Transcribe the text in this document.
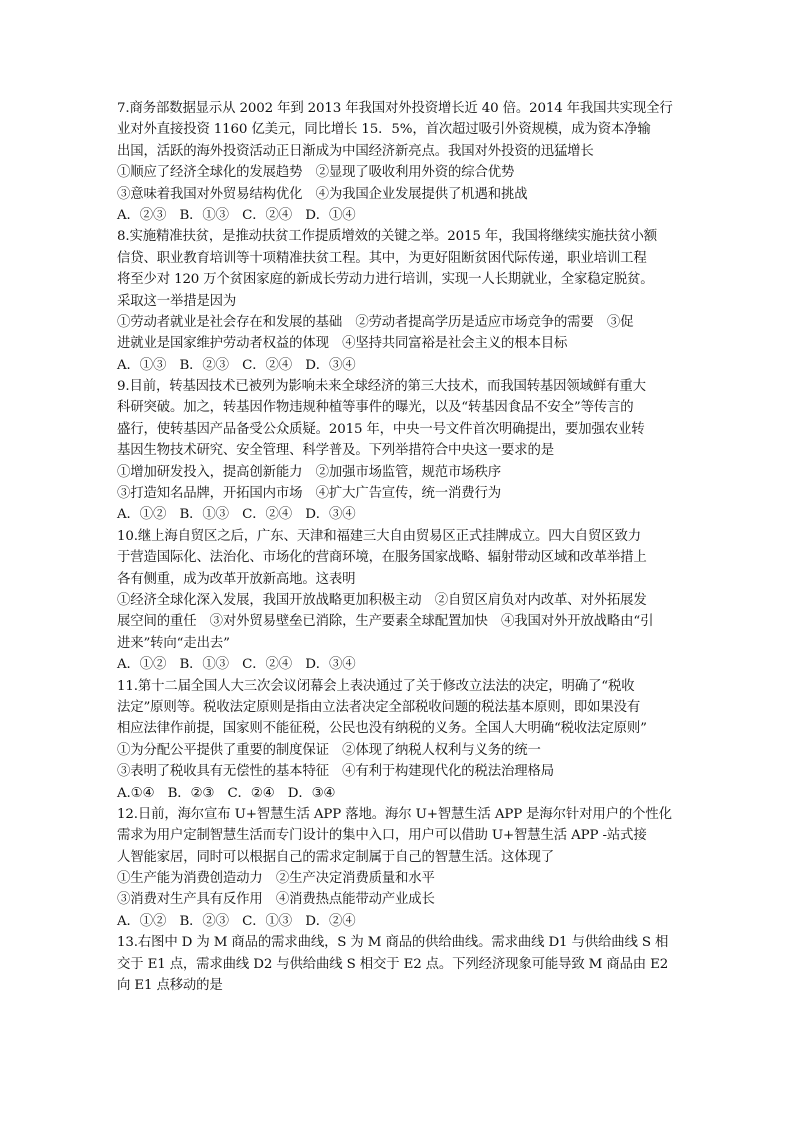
7.商务部数据显示从 2002 年到 2013 年我国对外投资增长近 40 倍。2014 年我国共实现全行
业对外直接投资 1160 亿美元，同比增长 15．5%，首次超过吸引外资规模，成为资本净输
出国，活跃的海外投资活动正日渐成为中国经济新亮点。我国对外投资的迅猛增长
①顺应了经济全球化的发展趋势　②显现了吸收利用外资的综合优势
③意味着我国对外贸易结构优化　④为我国企业发展提供了机遇和挑战
A．②③　B．①③　C．②④　D．①④
8.实施精准扶贫，是推动扶贫工作提质增效的关键之举。2015 年，我国将继续实施扶贫小额
信贷、职业教育培训等十项精准扶贫工程。其中，为更好阻断贫困代际传递，职业培训工程
将至少对 120 万个贫困家庭的新成长劳动力进行培训，实现一人长期就业，全家稳定脱贫。
采取这一举措是因为
①劳动者就业是社会存在和发展的基础　②劳动者提高学历是适应市场竞争的需要　③促
进就业是国家维护劳动者权益的体现　④坚持共同富裕是社会主义的根本目标
A．①③　B．②③　C．②④　D．③④
9.目前，转基因技术已被列为影响未来全球经济的第三大技术，而我国转基因领域鲜有重大
科研突破。加之，转基因作物违规种植等事件的曝光，以及“转基因食品不安全”等传言的
盛行，使转基因产品备受公众质疑。2015 年，中央一号文件首次明确提出，要加强农业转
基因生物技术研究、安全管理、科学普及。下列举措符合中央这一要求的是
①增加研发投入，提高创新能力　②加强市场监管，规范市场秩序
③打造知名品牌，开拓国内市场　④扩大广告宣传，统一消费行为
A．①②　B．①③　C．②④　D．③④
10.继上海自贸区之后，广东、天津和福建三大自由贸易区正式挂牌成立。四大自贸区致力
于营造国际化、法治化、市场化的营商环境，在服务国家战略、辐射带动区域和改革举措上
各有侧重，成为改革开放新高地。这表明
①经济全球化深入发展，我国开放战略更加积极主动　②自贸区肩负对内改革、对外拓展发
展空间的重任　③对外贸易壁垒已消除，生产要素全球配置加快　④我国对外开放战略由“引
进来”转向“走出去”
A．①②　B．①③　C．②④　D．③④
11.第十二届全国人大三次会议闭幕会上表决通过了关于修改立法法的决定，明确了“税收
法定”原则等。税收法定原则是指由立法者决定全部税收问题的税法基本原则，即如果没有
相应法律作前提，国家则不能征税，公民也没有纳税的义务。全国人大明确“税收法定原则”
①为分配公平提供了重要的制度保证　②体现了纳税人权利与义务的统一
③表明了税收具有无偿性的基本特征　④有利于构建现代化的税法治理格局
A.①④　B．②③　C．②④　D．③④
12.日前，海尔宣布 U+智慧生活 APP 落地。海尔 U+智慧生活 APP 是海尔针对用户的个性化
需求为用户定制智慧生活而专门设计的集中入口，用户可以借助 U+智慧生活 APP -站式接
人智能家居，同时可以根据自己的需求定制属于自己的智慧生活。这体现了
①生产能为消费创造动力　②生产决定消费质量和水平
③消费对生产具有反作用　④消费热点能带动产业成长
A．①②　B．②③　C．①③　D．②④
13.右图中 D 为 M 商品的需求曲线，S 为 M 商品的供给曲线。需求曲线 D1 与供给曲线 S 相
交于 E1 点，需求曲线 D2 与供给曲线 S 相交于 E2 点。下列经济现象可能导致 M 商品由 E2
向 E1 点移动的是
